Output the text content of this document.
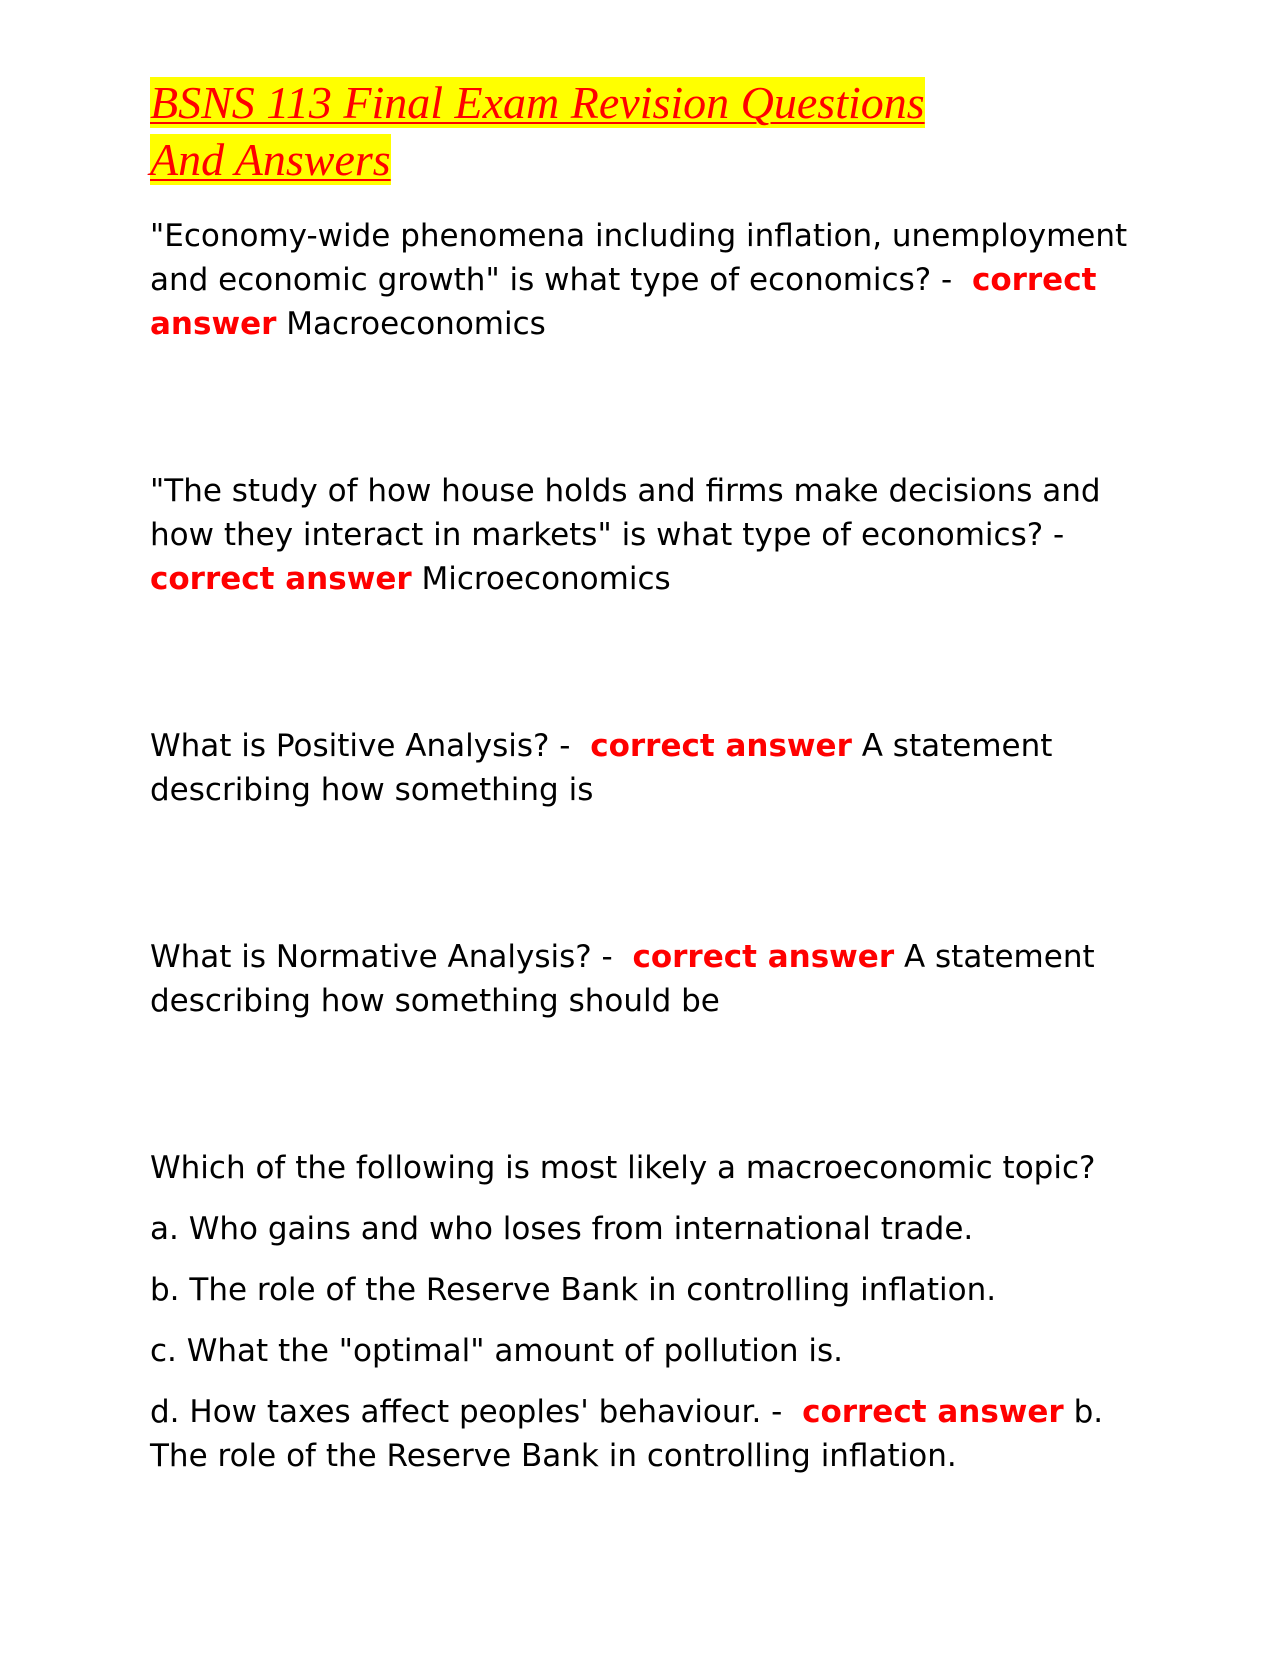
BSNS 113 Final Exam Revision Questions
And Answers

"Economy-wide phenomena including inflation, unemployment and economic growth" is what type of economics? - correct answer Macroeconomics

"The study of how house holds and firms make decisions and how they interact in markets" is what type of economics? -  correct answer Microeconomics

What is Positive Analysis? - correct answer A statement describing how something is

What is Normative Analysis? - correct answer A statement describing how something should be

Which of the following is most likely a macroeconomic topic?

a. Who gains and who loses from international trade.

b. The role of the Reserve Bank in controlling inflation.

c. What the "optimal" amount of pollution is.

d. How taxes affect peoples' behaviour. - correct answer b. The role of the Reserve Bank in controlling inflation.
